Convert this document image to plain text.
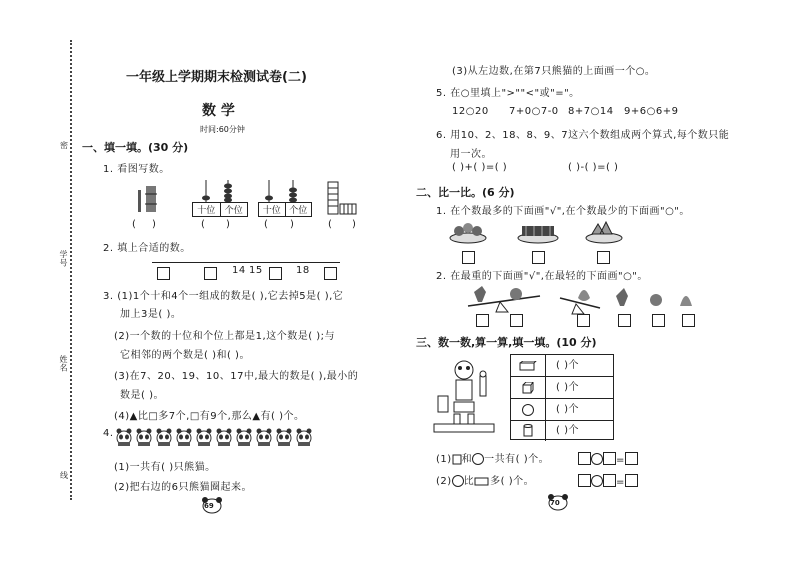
密
学号
姓名
线
一年级上学期期末检测试卷(二)
数 学
时间:60分钟
一、填一填。(30 分)
1. 看图写数。
十位	个位	十位 个位
( )	( )	( )	( )
2. 填上合适的数。
14 15	18
3. (1)1个十和4个一组成的数是( ),它去掉5是( ),它
加上3是( )。
(2)一个数的十位和个位上都是1,这个数是( );与
它相邻的两个数是( )和( )。
(3)在7、20、19、10、17中,最大的数是( ),最小的
数是( )。
(4)▲比□多7个,□有9个,那么▲有( )个。
4.
(1)一共有( )只熊猫。
(2)把右边的6只熊猫圈起来。
69
(3)从左边数,在第7只熊猫的上面画一个○。
5. 在○里填上">""<"或"="。
12○20 7+0○7-0 8+7○14 9+6○6+9
6. 用10、2、18、8、9、7这六个数组成两个算式,每个数只能
用一次。
( )+( )=( )	( )-( )=( )
二、比一比。(6 分)
1. 在个数最多的下面画"√",在个数最少的下面画"○"。
2. 在最重的下面画"√",在最轻的下面画"○"。
三、数一数,算一算,填一填。(10 分)
( )个
( )个
( )个
( )个
(1) 和 一共有( )个。	=
(2) 比 多( )个。	=
70
